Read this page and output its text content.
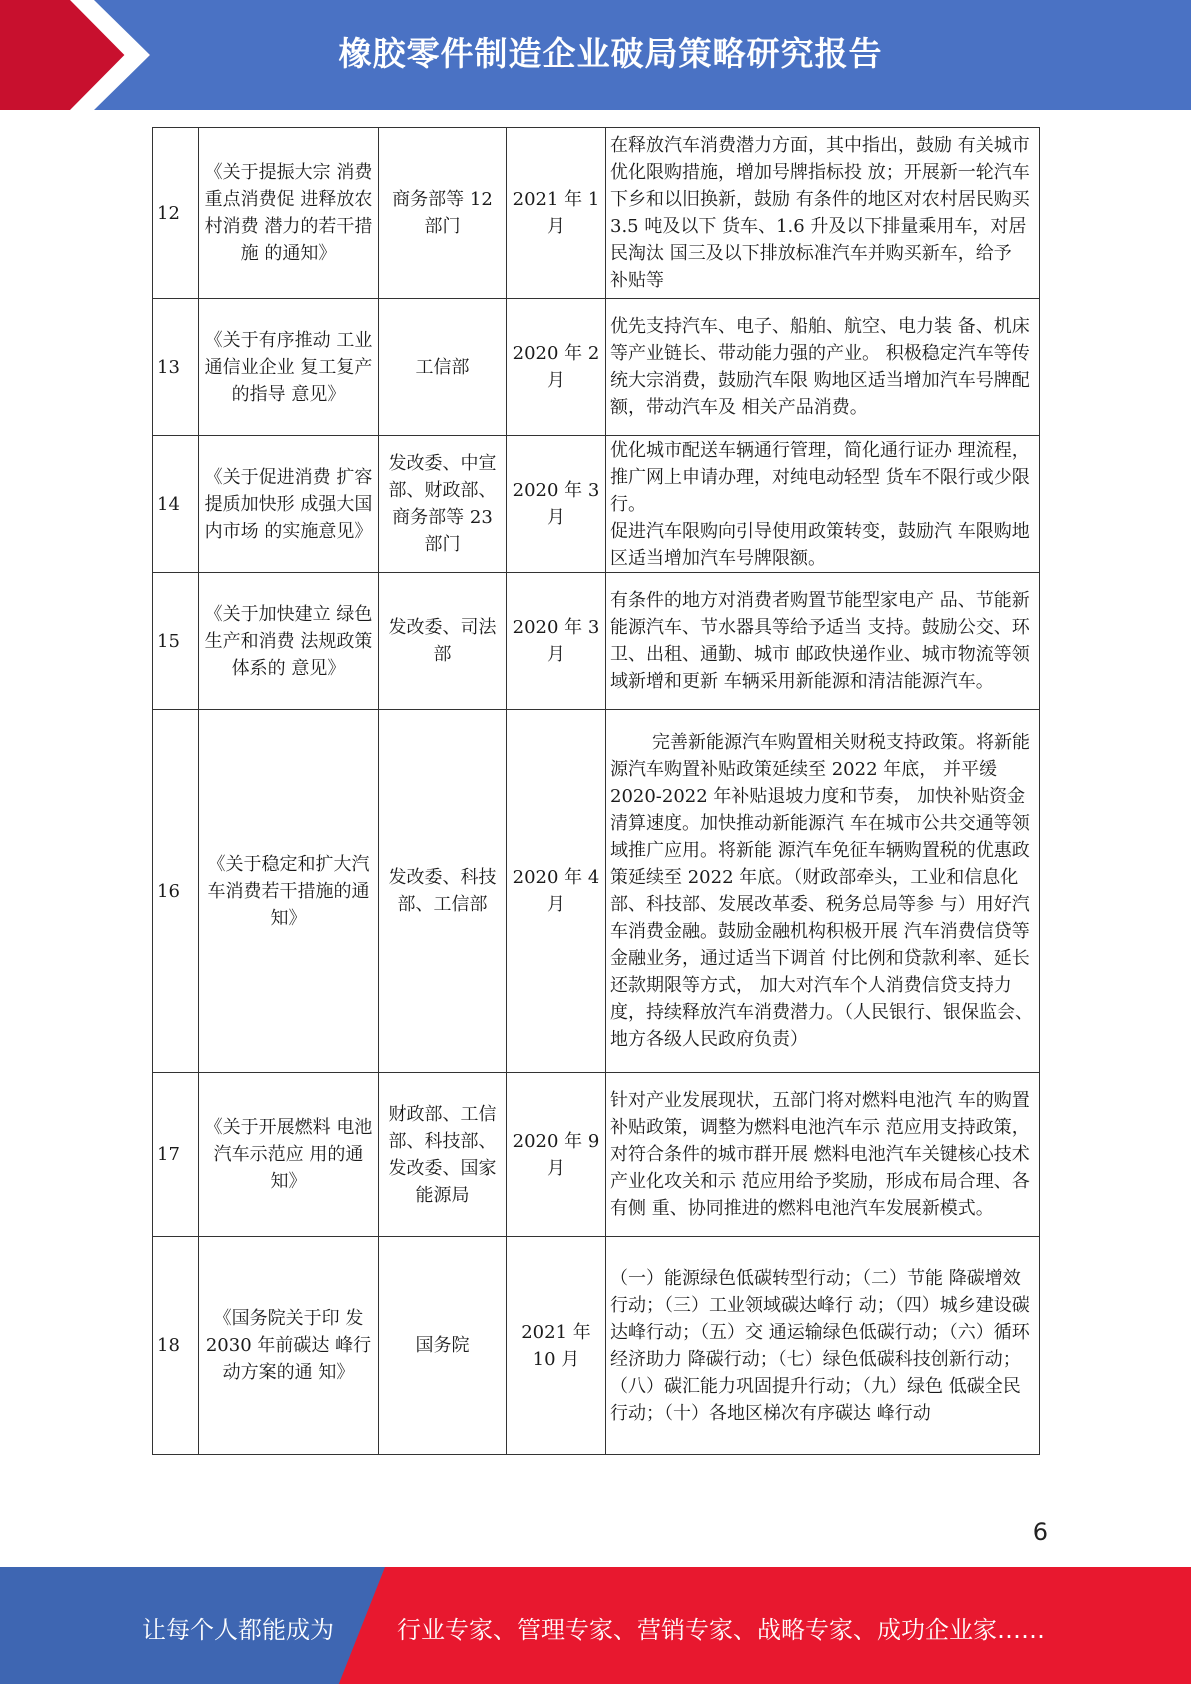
橡胶零件制造企业破局策略研究报告
12	《关于提振大宗 消费重点消费促 进释放农村消费 潜力的若干措施 的通知》	商务部等 12 部门	2021 年 1 月	在释放汽车消费潜力方面，其中指出，鼓励 有关城市优化限购措施，增加号牌指标投 放；开展新一轮汽车下乡和以旧换新，鼓励 有条件的地区对农村居民购买 3.5 吨及以下 货车、1.6 升及以下排量乘用车，对居民淘汰 国三及以下排放标准汽车并购买新车，给予 补贴等

13	《关于有序推动 工业通信业企业 复工复产的指导 意见》	工信部	2020 年 2 月	优先支持汽车、电子、船舶、航空、电力装 备、机床等产业链长、带动能力强的产业。 积极稳定汽车等传统大宗消费，鼓励汽车限 购地区适当增加汽车号牌配额，带动汽车及 相关产品消费。

14	《关于促进消费 扩容提质加快形 成强大国内市场 的实施意见》	发改委、中宣部、财政部、商务部等 23 部门	2020 年 3 月	优化城市配送车辆通行管理，简化通行证办 理流程，推广网上申请办理，对纯电动轻型 货车不限行或少限行。
促进汽车限购向引导使用政策转变，鼓励汽 车限购地区适当增加汽车号牌限额。

15	《关于加快建立 绿色生产和消费 法规政策体系的 意见》	发改委、司法部	2020 年 3 月	有条件的地方对消费者购置节能型家电产 品、节能新能源汽车、节水器具等给予适当 支持。鼓励公交、环卫、出租、通勤、城市 邮政快递作业、城市物流等领域新增和更新 车辆采用新能源和清洁能源汽车。

16	《关于稳定和扩大汽车消费若干措施的通知》	发改委、科技部、工信部	2020 年 4 月	完善新能源汽车购置相关财税支持政策。将新能源汽车购置补贴政策延续至 2022 年底， 并平缓 2020-2022 年补贴退坡力度和节奏， 加快补贴资金清算速度。加快推动新能源汽 车在城市公共交通等领域推广应用。将新能 源汽车免征车辆购置税的优惠政策延续至 2022 年底。（财政部牵头，工业和信息化部、科技部、发展改革委、税务总局等参 与）用好汽车消费金融。鼓励金融机构积极开展 汽车消费信贷等金融业务，通过适当下调首 付比例和贷款利率、延长还款期限等方式， 加大对汽车个人消费信贷支持力度，持续释放汽车消费潜力。（人民银行、银保监会、 地方各级人民政府负责）

17	《关于开展燃料 电池汽车示范应 用的通知》	财政部、工信部、科技部、发改委、国家能源局	2020 年 9 月	针对产业发展现状，五部门将对燃料电池汽 车的购置补贴政策，调整为燃料电池汽车示 范应用支持政策，对符合条件的城市群开展 燃料电池汽车关键核心技术产业化攻关和示 范应用给予奖励，形成布局合理、各有侧 重、协同推进的燃料电池汽车发展新模式。

18	《国务院关于印 发 2030 年前碳达 峰行动方案的通 知》	国务院	2021 年 10 月	（一）能源绿色低碳转型行动；（二）节能 降碳增效行动；（三）工业领域碳达峰行 动；（四）城乡建设碳达峰行动；（五）交 通运输绿色低碳行动；（六）循环经济助力 降碳行动；（七）绿色低碳科技创新行动；
（八）碳汇能力巩固提升行动；（九）绿色 低碳全民行动；（十）各地区梯次有序碳达 峰行动
6
让每个人都能成为	行业专家、管理专家、营销专家、战略专家、成功企业家……
